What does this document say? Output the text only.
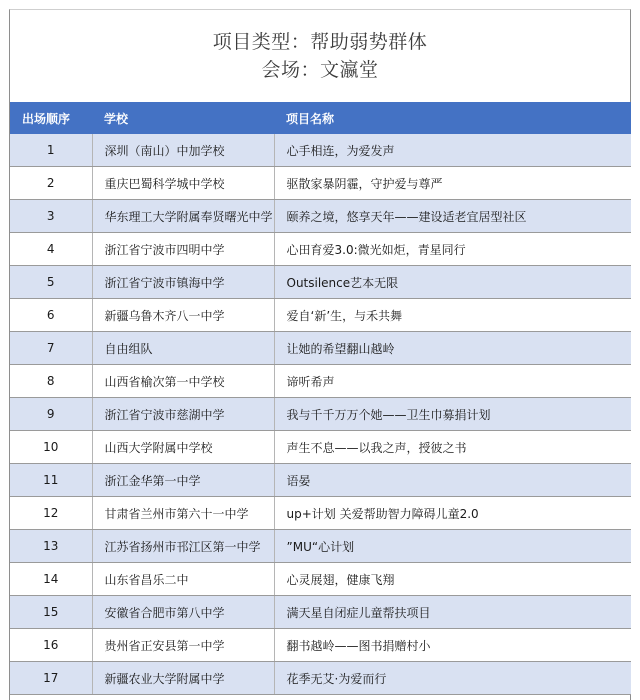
项目类型：帮助弱势群体
会场：文瀛堂
出场顺序	学校	项目名称
1	深圳（南山）中加学校	心手相连，为爱发声
2	重庆巴蜀科学城中学校	驱散家暴阴霾，守护爱与尊严
3	华东理工大学附属奉贤曙光中学	颐养之境，悠享天年——建设适老宜居型社区
4	浙江省宁波市四明中学	心田育爱3.0:微光如炬，青星同行
5	浙江省宁波市镇海中学	Outsilence艺本无限
6	新疆乌鲁木齐八一中学	爱自‘新’生，与禾共舞
7	自由组队	让她的希望翻山越岭
8	山西省榆次第一中学校	谛听希声
9	浙江省宁波市慈湖中学	我与千千万万个她——卫生巾募捐计划
10	山西大学附属中学校	声生不息——以我之声，授彼之书
11	浙江金华第一中学	语晏
12	甘肃省兰州市第六十一中学	up+计划 关爱帮助智力障碍儿童2.0
13	江苏省扬州市邗江区第一中学	”MU“心计划
14	山东省昌乐二中	心灵展翅，健康飞翔
15	安徽省合肥市第八中学	满天星自闭症儿童帮扶项目
16	贵州省正安县第一中学	翻书越岭——图书捐赠村小
17	新疆农业大学附属中学	花季无艾·为爱而行
